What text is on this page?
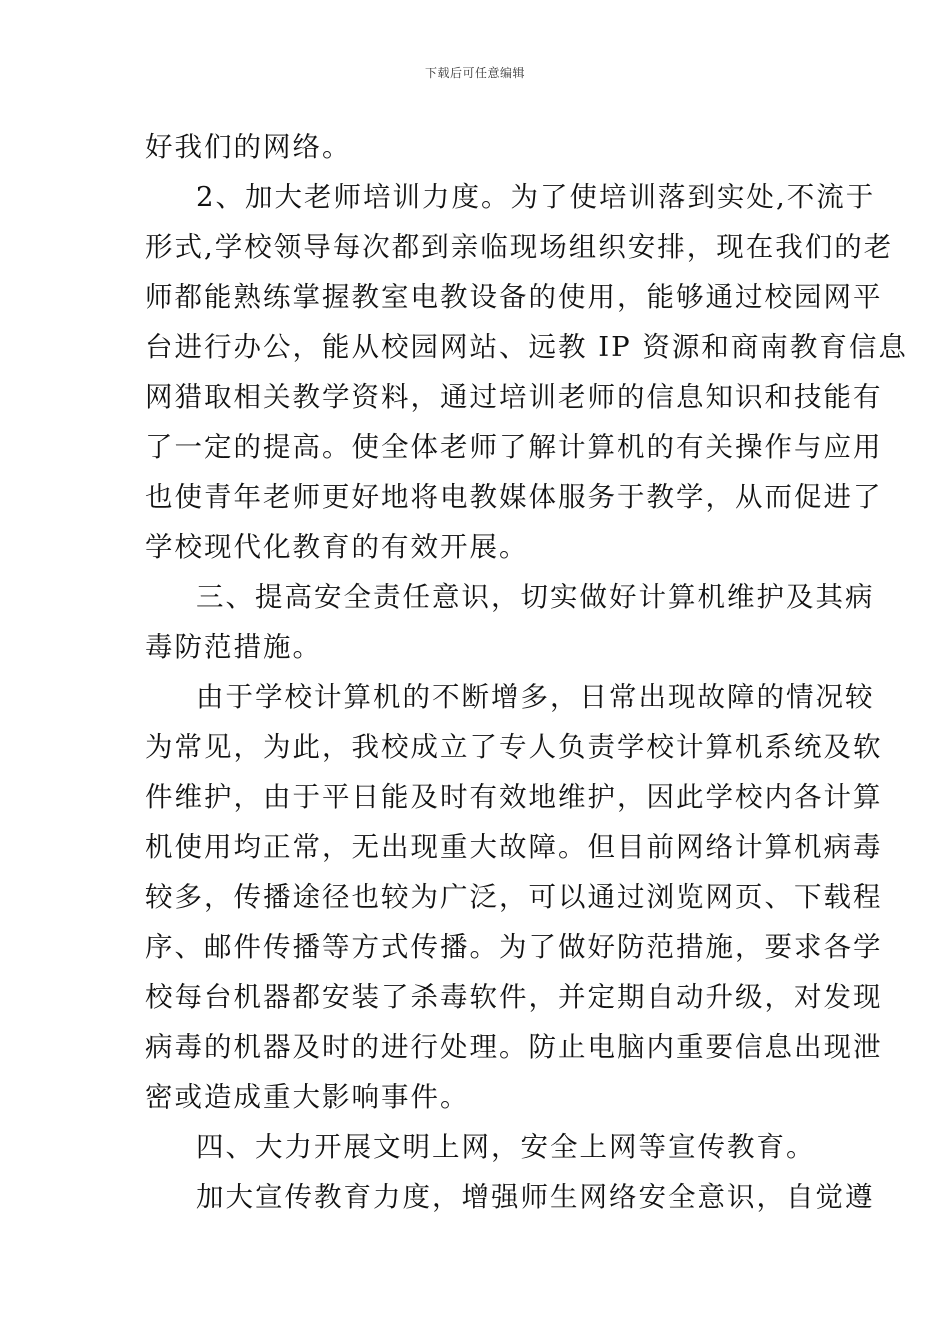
下载后可任意编辑
好我们的网络。
2、加大老师培训力度。为了使培训落到实处,不流于
形式,学校领导每次都到亲临现场组织安排，现在我们的老
师都能熟练掌握教室电教设备的使用，能够通过校园网平
台进行办公，能从校园网站、远教 IP 资源和商南教育信息
网猎取相关教学资料，通过培训老师的信息知识和技能有
了一定的提高。使全体老师了解计算机的有关操作与应用
也使青年老师更好地将电教媒体服务于教学，从而促进了
学校现代化教育的有效开展。
三、提高安全责任意识，切实做好计算机维护及其病
毒防范措施。
由于学校计算机的不断增多，日常出现故障的情况较
为常见，为此，我校成立了专人负责学校计算机系统及软
件维护，由于平日能及时有效地维护，因此学校内各计算
机使用均正常，无出现重大故障。但目前网络计算机病毒
较多，传播途径也较为广泛，可以通过浏览网页、下载程
序、邮件传播等方式传播。为了做好防范措施，要求各学
校每台机器都安装了杀毒软件，并定期自动升级，对发现
病毒的机器及时的进行处理。防止电脑内重要信息出现泄
密或造成重大影响事件。
四、大力开展文明上网，安全上网等宣传教育。
加大宣传教育力度，增强师生网络安全意识，自觉遵
